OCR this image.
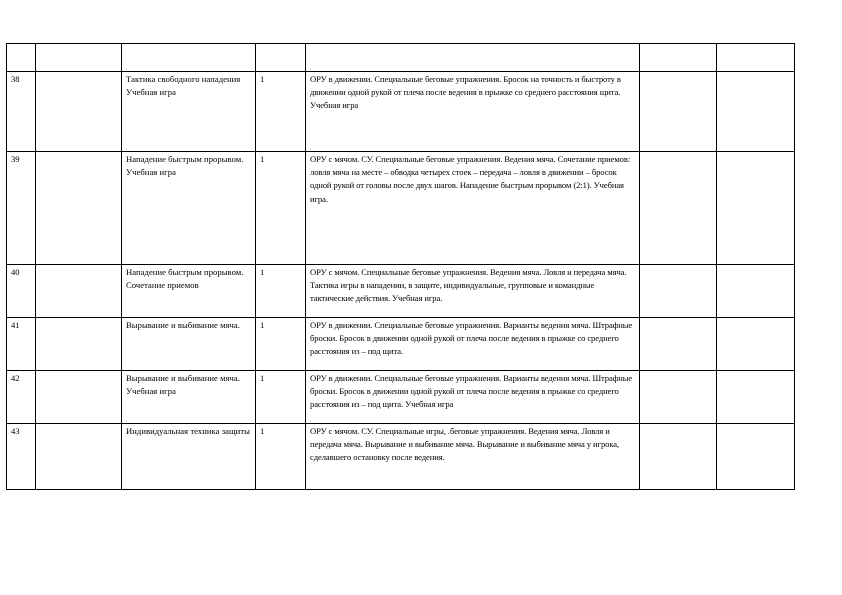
38		Тактика свободного нападения Учебная игра	1	ОРУ в движении. Специальные беговые упражнения. Бросок на точность и быстроту в движении одной рукой от плеча после ведения в прыжке со среднего расстояния щита. Учебная игра		
39		Нападение быстрым прорывом. Учебная игра	1	ОРУ с мячом. СУ. Специальные беговые упражнения. Ведения мяча. Сочетание приемов: ловля мяча на месте – обводка четырех стоек – передача – ловля в движении – бросок одной рукой от головы после двух шагов. Нападение быстрым прорывом (2:1). Учебная игра.		
40		Нападение быстрым прорывом. Сочетание приемов	1	ОРУ с мячом. Специальные беговые упражнения. Ведения мяча. Ловля и передача мяча. Тактика игры в нападении, в защите, индивидуальные, групповые и командные тактические действия. Учебная игра.		
41		Вырывание и выбивание мяча.	1	ОРУ в движении. Специальные беговые упражнения. Варианты ведения мяча. Штрафные броски. Бросок в движении одной рукой от плеча после ведения в прыжке со среднего расстояния из – под щита.		
42		Вырывание и выбивание мяча. Учебная игра	1	ОРУ в движении. Специальные беговые упражнения. Варианты ведения мяча. Штрафные броски. Бросок в движении одной рукой от плеча после ведения в прыжке со среднего расстояния из – под щита. Учебная игра		
43		Индивидуальная техника защиты	1	ОРУ с мячом. СУ. Специальные игры, .беговые упражнения. Ведения мяча. Ловля и передача мяча. Вырывание и выбивание мяча. Вырывание и выбивание мяча у игрока, сделавшего остановку после ведения.		
